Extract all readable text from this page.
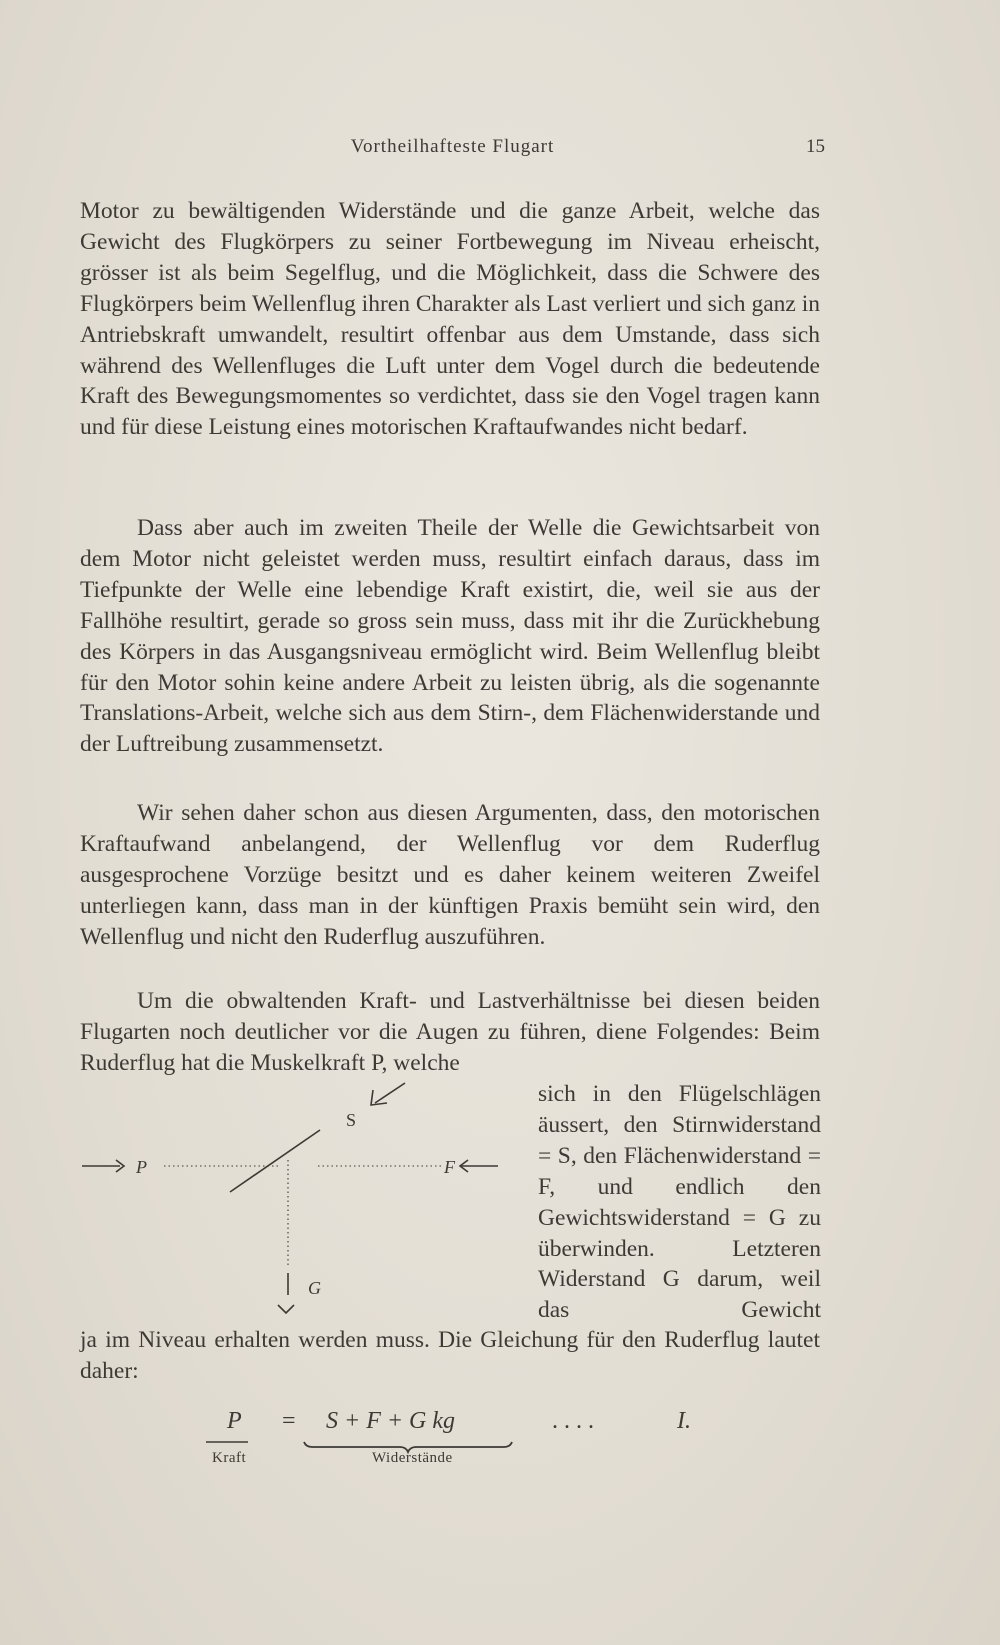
Vortheilhafteste Flugart	15

Motor zu bewältigenden Widerstände und die ganze Arbeit, welche das Gewicht des Flugkörpers zu seiner Fortbewegung im Niveau erheischt, grösser ist als beim Segelflug, und die Möglichkeit, dass die Schwere des Flugkörpers beim Wellenflug ihren Charakter als Last verliert und sich ganz in Antriebskraft umwandelt, resultirt offenbar aus dem Umstande, dass sich während des Wellenfluges die Luft unter dem Vogel durch die bedeutende Kraft des Bewegungsmomentes so verdichtet, dass sie den Vogel tragen kann und für diese Leistung eines motorischen Kraftaufwandes nicht bedarf.

Dass aber auch im zweiten Theile der Welle die Gewichtsarbeit von dem Motor nicht geleistet werden muss, resultirt einfach daraus, dass im Tiefpunkte der Welle eine lebendige Kraft existirt, die, weil sie aus der Fallhöhe resultirt, gerade so gross sein muss, dass mit ihr die Zurückhebung des Körpers in das Ausgangsniveau ermöglicht wird. Beim Wellenflug bleibt für den Motor sohin keine andere Arbeit zu leisten übrig, als die sogenannte Translations-Arbeit, welche sich aus dem Stirn-, dem Flächenwiderstande und der Luftreibung zusammensetzt.

Wir sehen daher schon aus diesen Argumenten, dass, den motorischen Kraftaufwand anbelangend, der Wellenflug vor dem Ruderflug ausgesprochene Vorzüge besitzt und es daher keinem weiteren Zweifel unterliegen kann, dass man in der künftigen Praxis bemüht sein wird, den Wellenflug und nicht den Ruderflug auszuführen.

Um die obwaltenden Kraft- und Lastverhältnisse bei diesen beiden Flugarten noch deutlicher vor die Augen zu führen, diene Folgendes: Beim Ruderflug hat die Muskelkraft P, welche

sich in den Flügelschlägen äussert, den Stirnwiderstand = S, den Flächenwiderstand = F, und endlich den Gewichtswiderstand = G zu überwinden. Letzteren Widerstand G darum, weil das Gewicht

ja im Niveau erhalten werden muss. Die Gleichung für den Ruderflug lautet daher:

P
S
F
G
P = S + F + G kg	. . . .	I.
Kraft	Widerstände
